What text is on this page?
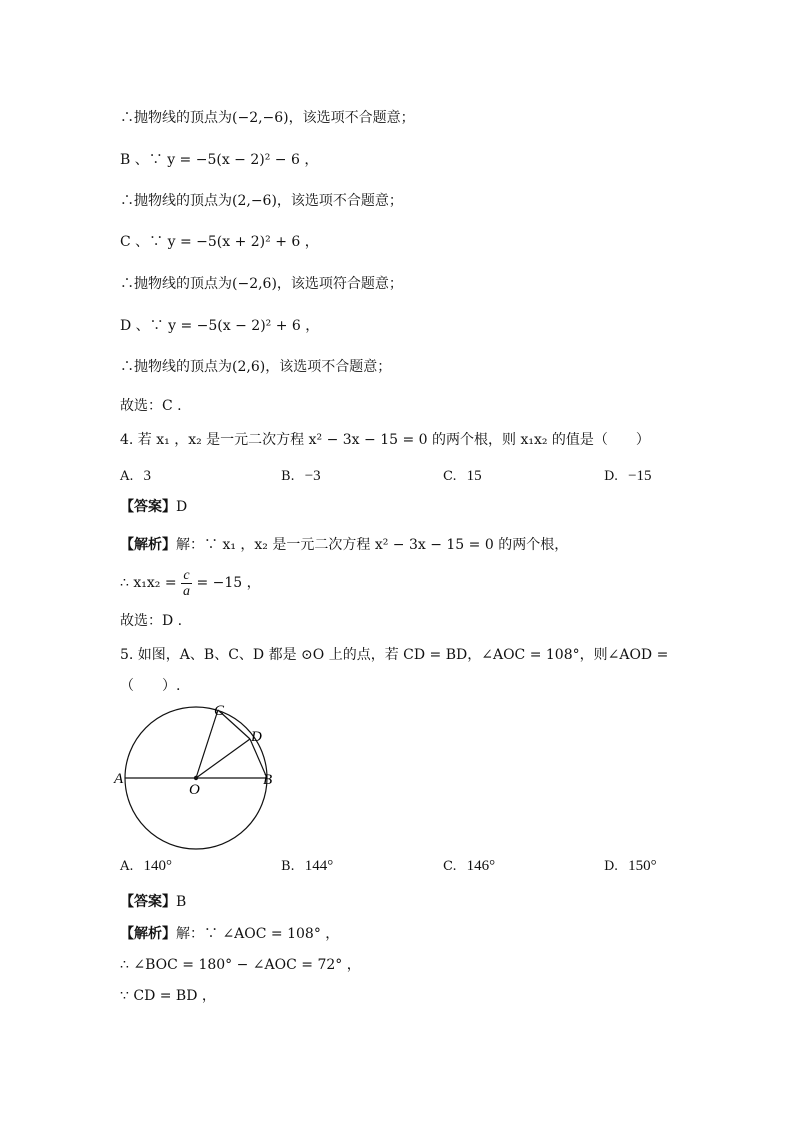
∴抛物线的顶点为(−2,−6)，该选项不合题意；
B 、∵ y = −5(x − 2)² − 6 ，
∴抛物线的顶点为(2,−6)，该选项不合题意；
C 、∵ y = −5(x + 2)² + 6 ，
∴抛物线的顶点为(−2,6)，该选项符合题意；
D 、∵ y = −5(x − 2)² + 6 ，
∴抛物线的顶点为(2,6)，该选项不合题意；
故选：C .
4. 若 x₁ ，x₂ 是一元二次方程 x² − 3x − 15 = 0 的两个根，则 x₁x₂ 的值是（　　）
A. 3	B. −3	C. 15	D. −15
【答案】D
【解析】解：∵ x₁ ，x₂ 是一元二次方程 x² − 3x − 15 = 0 的两个根，
∴ $x_1x_2 = \frac{c}{a} = -15$ ，
故选：D .
5. 如图，A、B、C、D 都是 ⊙O 上的点，若 CD = BD，∠AOC = 108°，则∠AOD =
（　　）.
A	B
C
D
O
A. 140°	B. 144°	C. 146°	D. 150°
【答案】B
【解析】解：∵ ∠AOC = 108° ，
∴ ∠BOC = 180° − ∠AOC = 72° ，
∵ CD = BD ，
